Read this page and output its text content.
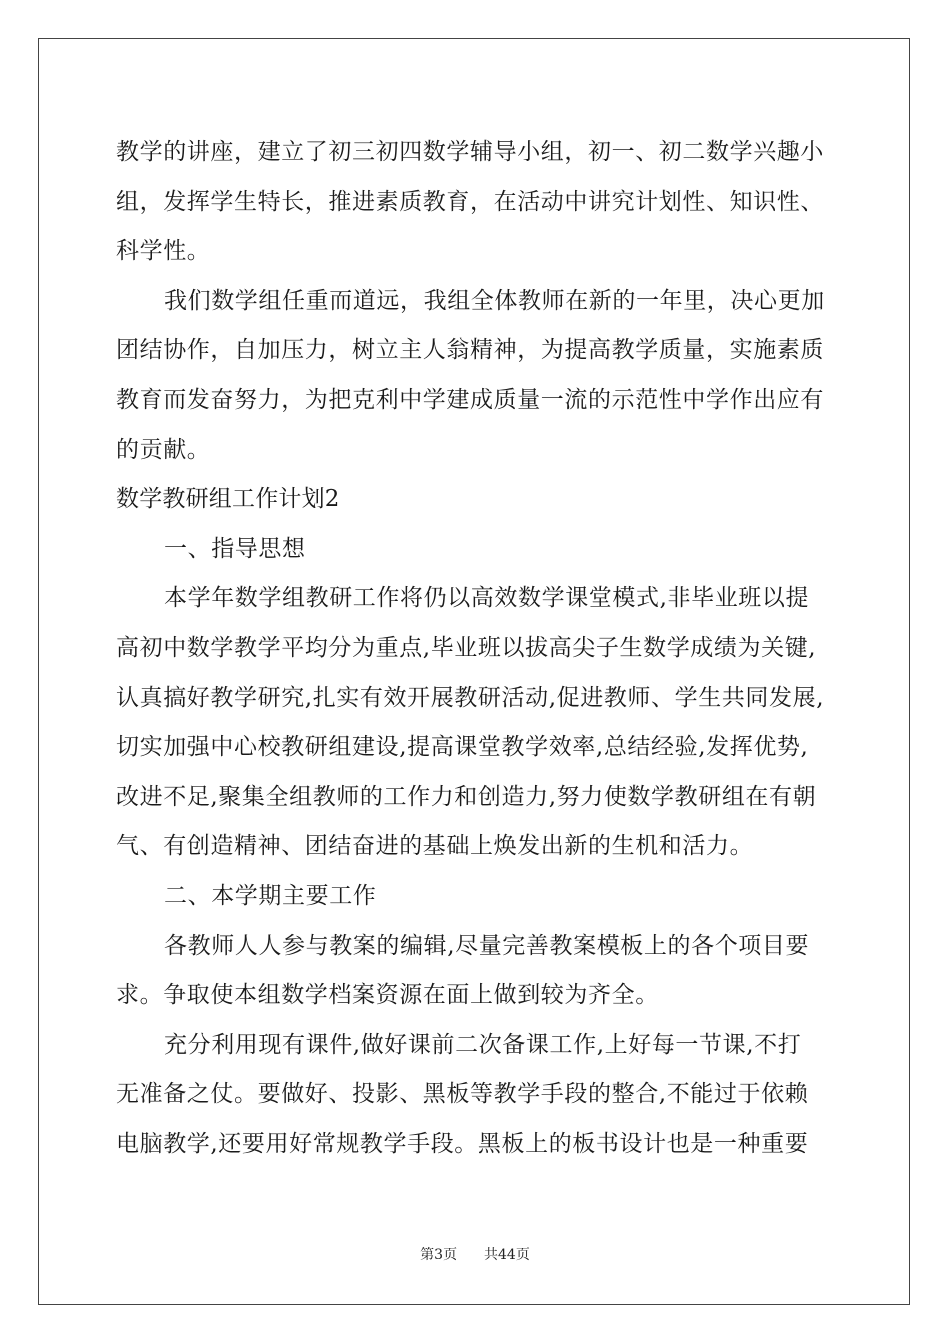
教学的讲座，建立了初三初四数学辅导小组，初一、初二数学兴趣小
组，发挥学生特长，推进素质教育，在活动中讲究计划性、知识性、
科学性。
我们数学组任重而道远，我组全体教师在新的一年里，决心更加
团结协作，自加压力，树立主人翁精神，为提高教学质量，实施素质
教育而发奋努力，为把克利中学建成质量一流的示范性中学作出应有
的贡献。
数学教研组工作计划2
一、指导思想
本学年数学组教研工作将仍以高效数学课堂模式,非毕业班以提
高初中数学教学平均分为重点,毕业班以拔高尖子生数学成绩为关键,
认真搞好教学研究,扎实有效开展教研活动,促进教师、学生共同发展,
切实加强中心校教研组建设,提高课堂教学效率,总结经验,发挥优势,
改进不足,聚集全组教师的工作力和创造力,努力使数学教研组在有朝
气、有创造精神、团结奋进的基础上焕发出新的生机和活力。
二、本学期主要工作
各教师人人参与教案的编辑,尽量完善教案模板上的各个项目要
求。争取使本组数学档案资源在面上做到较为齐全。
充分利用现有课件,做好课前二次备课工作,上好每一节课,不打
无准备之仗。要做好、投影、黑板等教学手段的整合,不能过于依赖
电脑教学,还要用好常规教学手段。黑板上的板书设计也是一种重要
第3页 共44页
